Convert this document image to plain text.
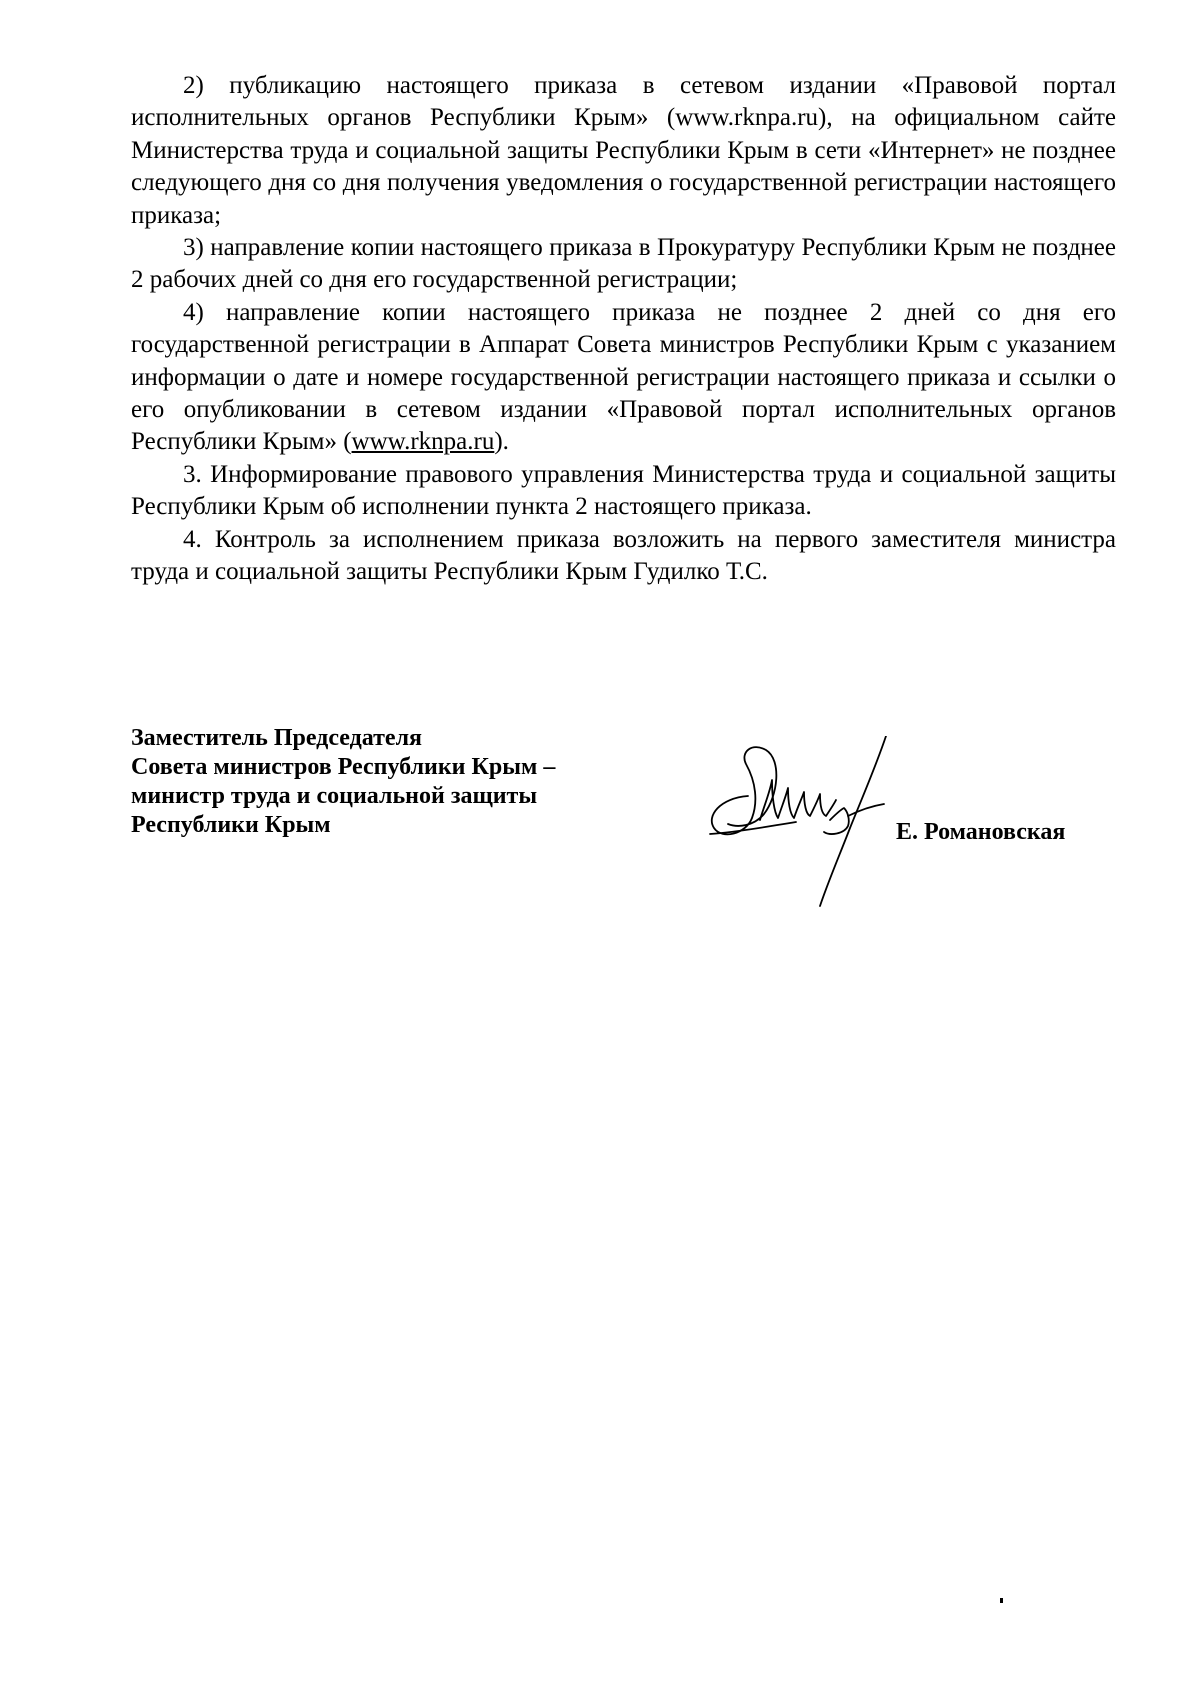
2) публикацию настоящего приказа в сетевом издании «Правовой портал исполнительных органов Республики Крым» (www.rknpa.ru), на официальном сайте Министерства труда и социальной защиты Республики Крым в сети «Интернет» не позднее следующего дня со дня получения уведомления о государственной регистрации настоящего приказа;

3) направление копии настоящего приказа в Прокуратуру Республики Крым не позднее 2 рабочих дней со дня его государственной регистрации;

4) направление копии настоящего приказа не позднее 2 дней со дня его государственной регистрации в Аппарат Совета министров Республики Крым с указанием информации о дате и номере государственной регистрации настоящего приказа и ссылки о его опубликовании в сетевом издании «Правовой портал исполнительных органов Республики Крым» (www.rknpa.ru).

3. Информирование правового управления Министерства труда и социальной защиты Республики Крым об исполнении пункта 2 настоящего приказа.

4. Контроль за исполнением приказа возложить на первого заместителя министра труда и социальной защиты Республики Крым Гудилко Т.С.

Заместитель Председателя
Совета министров Республики Крым –
министр труда и социальной защиты
Республики Крым	Е. Романовская
